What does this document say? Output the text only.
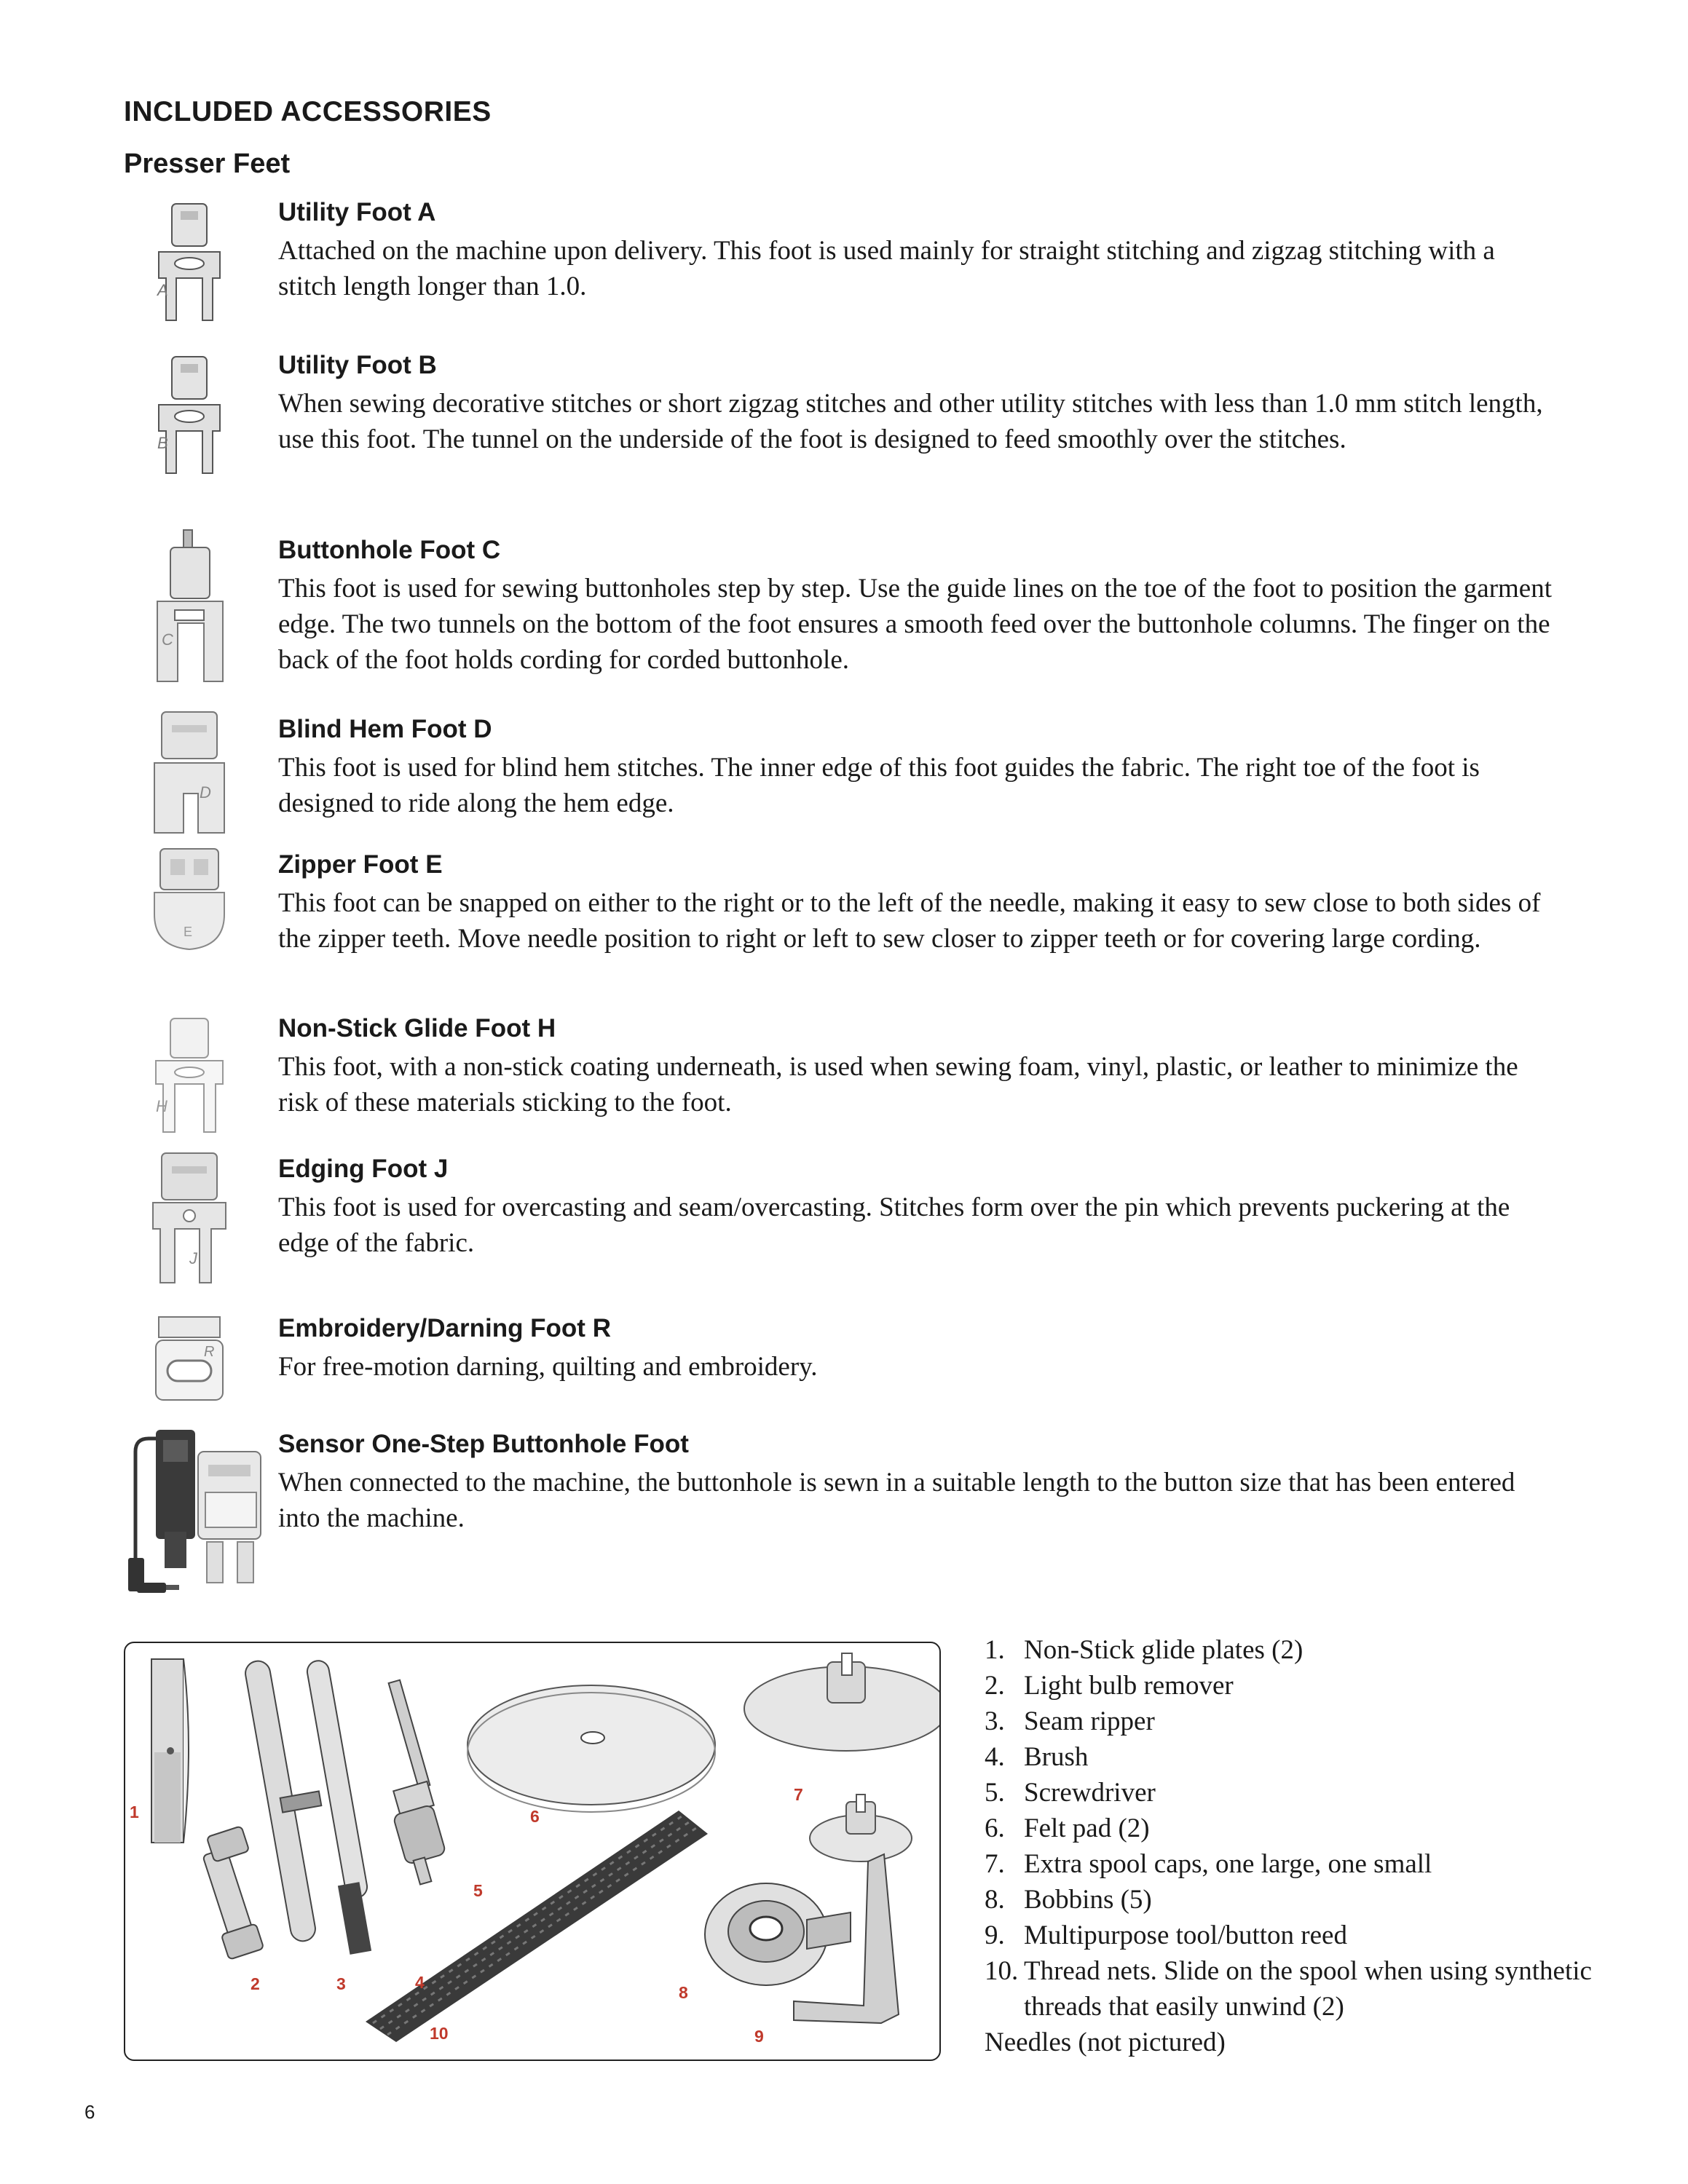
INCLUDED ACCESSORIES
Presser Feet
A
Utility Foot A
Attached on the machine upon delivery. This foot is used mainly for straight stitching and zigzag stitching with a stitch length longer than 1.0.
B
Utility Foot B
When sewing decorative stitches or short zigzag stitches and other utility stitches with less than 1.0 mm stitch length, use this foot. The tunnel on the underside of the foot is designed to feed smoothly over the stitches.
C
Buttonhole Foot C
This foot is used for sewing buttonholes step by step. Use the guide lines on the toe of the foot to position the garment edge. The two tunnels on the bottom of the foot ensures a smooth feed over the buttonhole columns. The finger on the back of the foot holds cording for corded buttonhole.
D
Blind Hem Foot D
This foot is used for blind hem stitches. The inner edge of this foot guides the fabric. The right toe of the foot is designed to ride along the hem edge.
E
Zipper Foot E
This foot can be snapped on either to the right or to the left of the needle, making it easy to sew close to both sides of the zipper teeth. Move needle position to right or left to sew closer to zipper teeth or for covering large cording.
H
Non-Stick Glide Foot H
This foot, with a non-stick coating underneath, is used when sewing foam, vinyl, plastic, or leather to minimize the risk of these materials sticking to the foot.
J
Edging Foot J
This foot is used for overcasting and seam/overcasting. Stitches form over the pin which prevents puckering at the edge of the fabric.
R
Embroidery/Darning Foot R
For free-motion darning, quilting and embroidery.
Sensor One-Step Buttonhole Foot
When connected to the machine, the buttonhole is sewn in a suitable length to the button size that has been entered into the machine.
1
2	3	4
5
6
7
8
9
10
1. Non-Stick glide plates (2)
2. Light bulb remover
3. Seam ripper
4. Brush
5. Screwdriver
6. Felt pad (2)
7. Extra spool caps, one large, one small
8. Bobbins (5)
9. Multipurpose tool/button reed
10. Thread nets. Slide on the spool when using synthetic threads that easily unwind (2)
Needles (not pictured)
6
